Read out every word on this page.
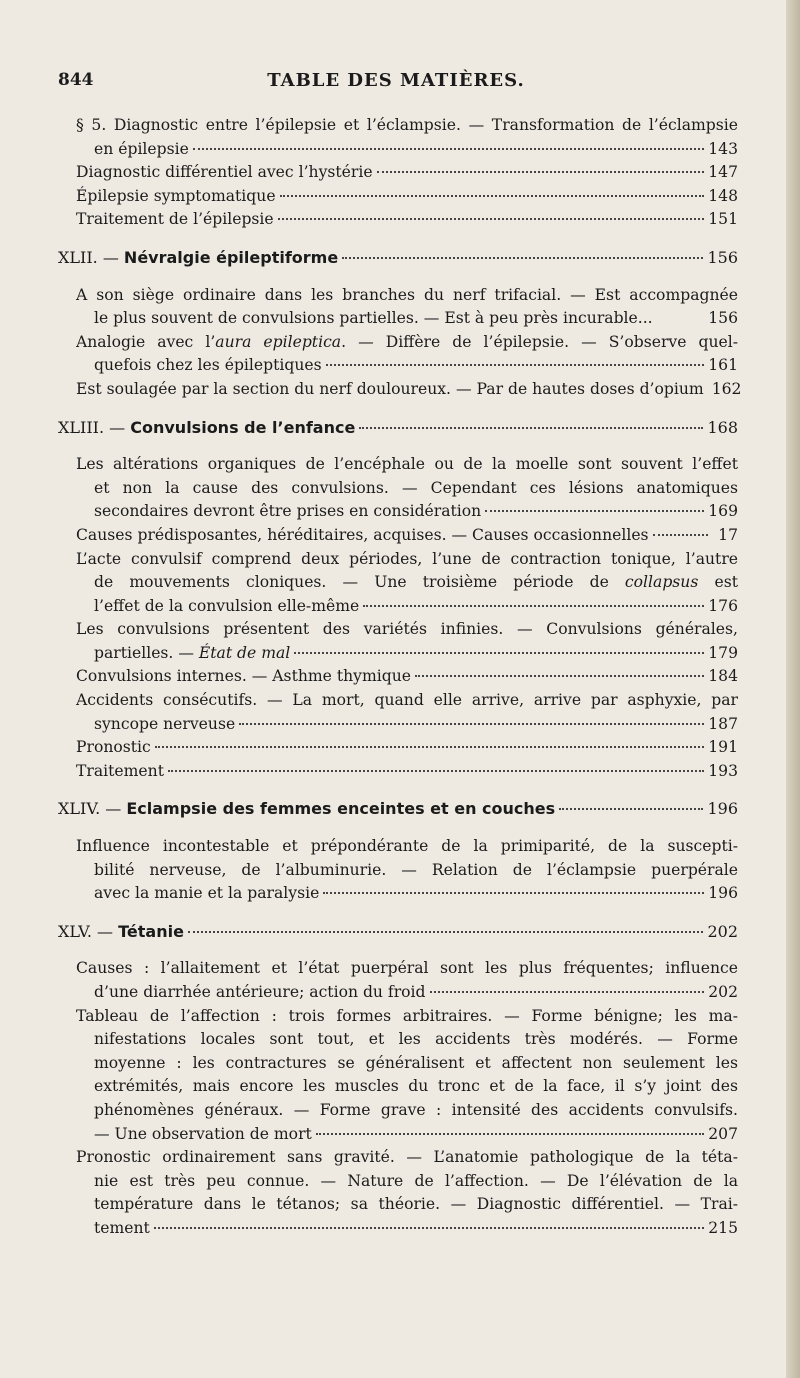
844	TABLE DES MATIÈRES.
§ 5. Diagnostic entre l’épilepsie et l’éclampsie. — Transformation de l’éclampsie
en épilepsie	143
Diagnostic différentiel avec l’hystérie	147
Épilepsie symptomatique	148
Traitement de l’épilepsie	151
XLII. —
Névralgie épileptiforme	156
A son siège ordinaire dans les branches du nerf trifacial. — Est accompagnée
le plus souvent de convulsions partielles. — Est à peu près incurable...	156
Analogie avec l’aura epileptica. — Diffère de l’épilepsie. — S’observe quel-
quefois chez les épileptiques	161
Est soulagée par la section du nerf douloureux. — Par de hautes doses d’opium 162
XLIII. —
Convulsions de l’enfance	168
Les altérations organiques de l’encéphale ou de la moelle sont souvent l’effet
et non la cause des convulsions. — Cependant ces lésions anatomiques
secondaires devront être prises en considération	169
Causes prédisposantes, héréditaires, acquises. — Causes occasionnelles	17
L’acte convulsif comprend deux périodes, l’une de contraction tonique, l’autre
de mouvements cloniques. — Une troisième période de collapsus est
l’effet de la convulsion elle-même	176
Les convulsions présentent des variétés infinies. — Convulsions générales,
partielles. — État de mal	179
Convulsions internes. — Asthme thymique	184
Accidents consécutifs. — La mort, quand elle arrive, arrive par asphyxie, par
syncope nerveuse	187
Pronostic	191
Traitement	193
XLIV. —
Eclampsie des femmes enceintes et en couches	196
Influence incontestable et prépondérante de la primiparité, de la suscepti-
bilité nerveuse, de l’albuminurie. — Relation de l’éclampsie puerpérale
avec la manie et la paralysie	196
XLV. —
Tétanie	202
Causes : l’allaitement et l’état puerpéral sont les plus fréquentes; influence
d’une diarrhée antérieure; action du froid	202
Tableau de l’affection : trois formes arbitraires. — Forme bénigne; les ma-
nifestations locales sont tout, et les accidents très modérés. — Forme
moyenne : les contractures se généralisent et affectent non seulement les
extrémités, mais encore les muscles du tronc et de la face, il s’y joint des
phénomènes généraux. — Forme grave : intensité des accidents convulsifs.
— Une observation de mort	207
Pronostic ordinairement sans gravité. — L’anatomie pathologique de la téta-
nie est très peu connue. — Nature de l’affection. — De l’élévation de la
température dans le tétanos; sa théorie. — Diagnostic différentiel. — Trai-
tement	215
